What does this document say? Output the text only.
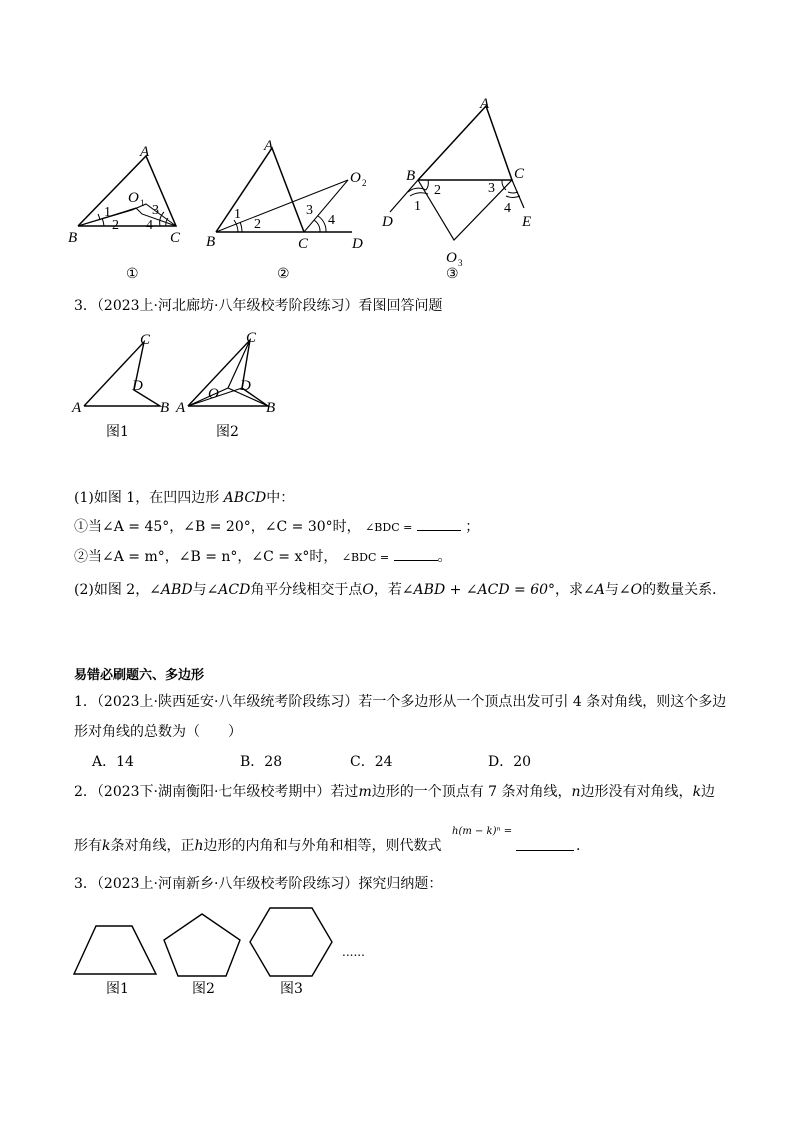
A
B	C
O 1
1
2
3
4
A
B	C	D
O 2
1
2
3
4
A
B	C
D	E
O 3
1
2	3
4
①	②	③
3．（2023上·河北廊坊·八年级校考阶段练习）看图回答问题
C
A	B
D
C
A	B
D
O
图1	图2
(1)如图 1，在凹四边形 ABCD中：
①当∠A = 45°，∠B = 20°，∠C = 30°时， ∠BDC =	；
②当∠A = m°，∠B = n°，∠C = x°时， ∠BDC =	。
(2)如图 2，∠ABD与∠ACD角平分线相交于点O，若∠ABD + ∠ACD = 60°，求∠A与∠O的数量关系．
易错必刷题六、多边形
1．（2023上·陕西延安·八年级统考阶段练习）若一个多边形从一个顶点出发可引 4 条对角线，则这个多边
形对角线的总数为（　　）
A．14	B．28	C．24	D．20
2．（2023下·湖南衡阳·七年级校考期中）若过m边形的一个顶点有 7 条对角线，n边形没有对角线，k边
形有k条对角线，正h边形的内角和与外角和相等，则代数式
h(m − k)ⁿ =
.
3．（2023上·河南新乡·八年级校考阶段练习）探究归纳题：
......
图1	图2	图3
